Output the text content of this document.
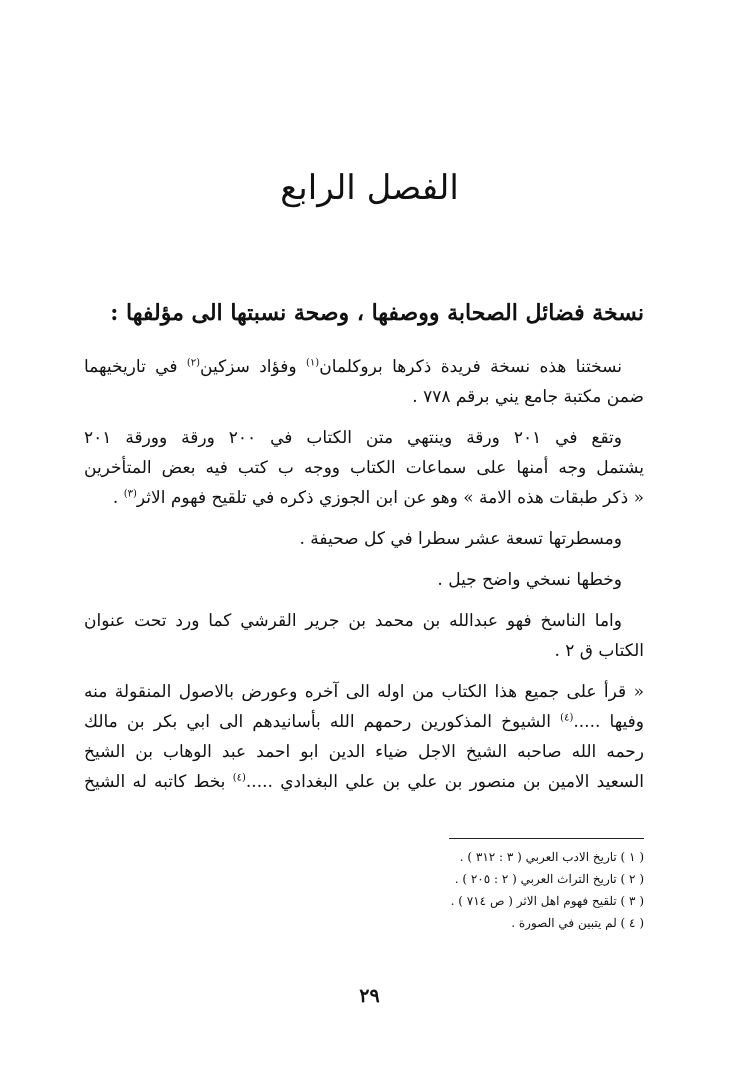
الفصل الرابع
نسخة فضائل الصحابة ووصفها ، وصحة نسبتها الى مؤلفها :

نسختنا هذه نسخة فريدة ذكرها بروكلمان$^{(١)}$ وفؤاد سزكين$^{(٢)}$ في تاريخيهما
ضمن مكتبة جامع يني برقم ٧٧٨ .

وتقع في ٢٠١ ورقة وينتهي متن الكتاب في ٢٠٠ ورقة وورقة ٢٠١
يشتمل وجه أمنها على سماعات الكتاب ووجه ب كتب فيه بعض المتأخرين
« ذكر طبقات هذه الامة » وهو عن ابن الجوزي ذكره في تلقيح فهوم الاثر$^{(٣)}$ .

ومسطرتها تسعة عشر سطرا في كل صحيفة .

وخطها نسخي واضح جيل .

واما الناسخ فهو عبدالله بن محمد بن جرير القرشي كما ورد تحت عنوان
الكتاب ق ٢ .

« قرأ على جميع هذا الكتاب من اوله الى آخره وعورض بالاصول المنقولة منه
وفيها .....$^{(٤)}$ الشيوخ المذكورين رحمهم الله بأسانيدهم الى ابي بكر بن مالك
رحمه الله صاحبه الشيخ الاجل ضياء الدين ابو احمد عبد الوهاب بن الشيخ
السعيد الامين بن منصور بن علي بن علي البغدادي .....$^{(٤)}$ بخط كاتبه له الشيخ

( ١ ) تاريخ الادب العربي ( ٣ : ٣١٢ ) .

( ٢ ) تاريخ التراث العربي ( ٢ : ٢٠٥ ) .

( ٣ ) تلقيح فهوم اهل الاثر ( ص ٧١٤ ) .

( ٤ ) لم يتبين في الصورة .

٢٩
